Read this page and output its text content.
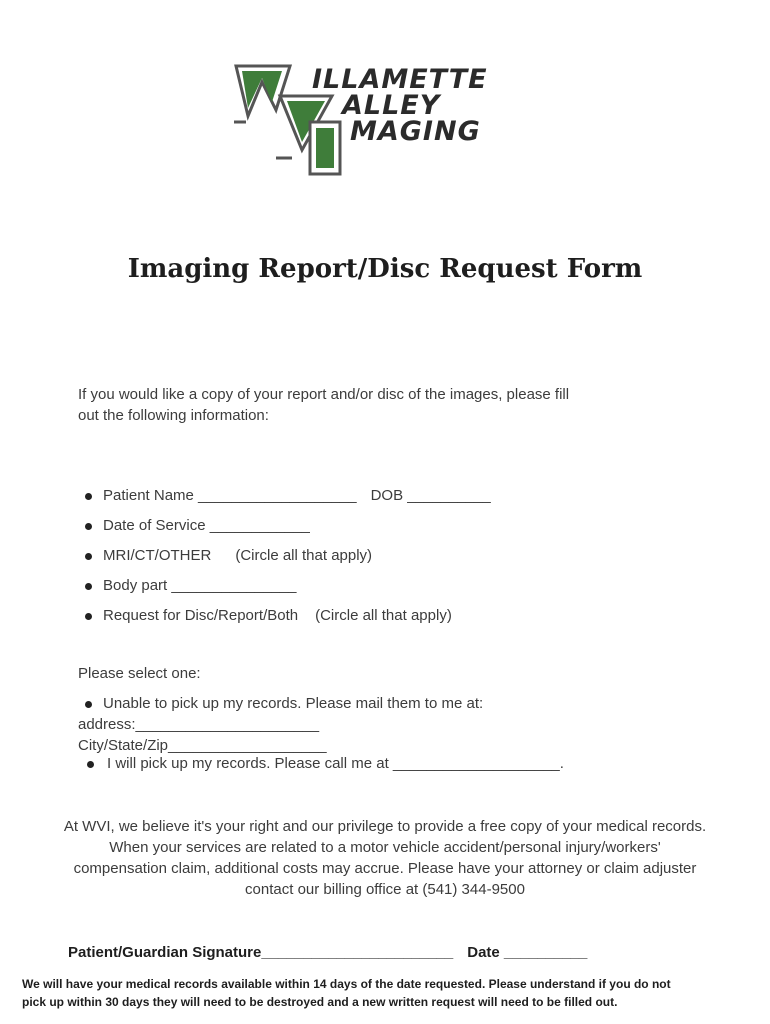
ILLAMETTE
ALLEY
MAGING
Imaging Report/Disc Request Form
If you would like a copy of your report and/or disc of the images, please fill
out the following information:
Patient Name ___________________ DOB __________
Date of Service ____________
MRI/CT/OTHER (Circle all that apply)
Body part _______________
Request for Disc/Report/Both (Circle all that apply)
Please select one:
Unable to pick up my records. Please mail them to me at:
address:______________________
City/State/Zip___________________
I will pick up my records. Please call me at ____________________.
At WVI, we believe it's your right and our privilege to provide a free copy of your medical records.
When your services are related to a motor vehicle accident/personal injury/workers'
compensation claim, additional costs may accrue. Please have your attorney or claim adjuster
contact our billing office at (541) 344-9500
Patient/Guardian Signature_______________________ Date __________
We will have your medical records available within 14 days of the date requested. Please understand if you do not
pick up within 30 days they will need to be destroyed and a new written request will need to be filled out.
